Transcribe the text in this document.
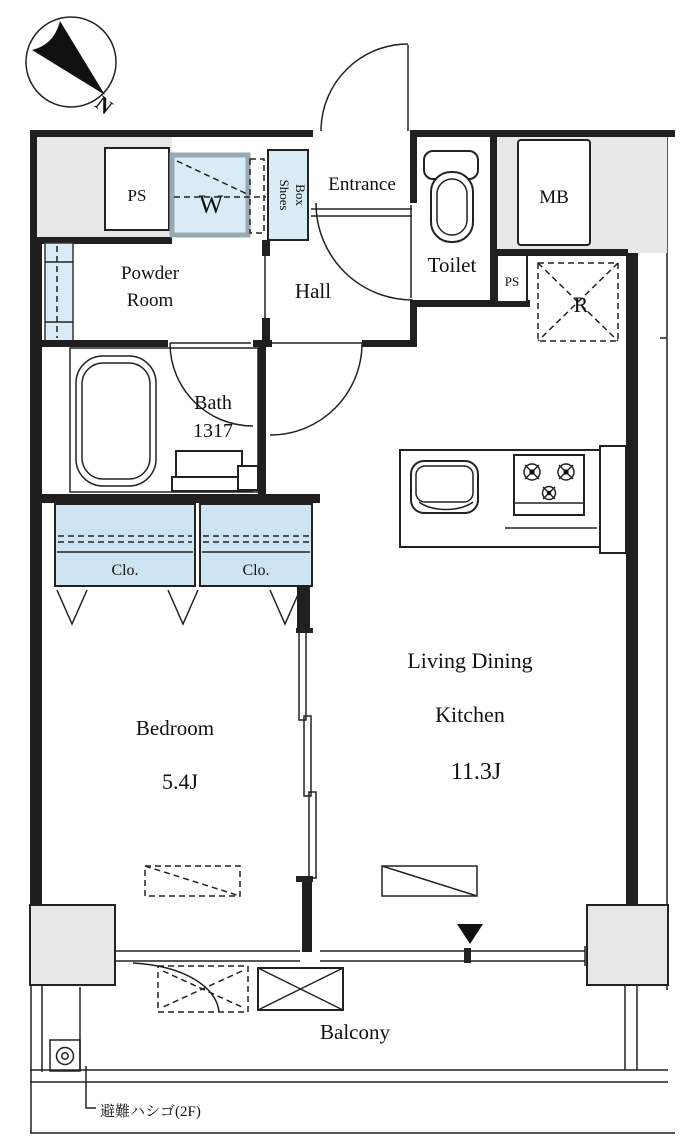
N
PS W	Shoes Box Entrance
Toilet
PS
MB
R
Hall
Powder
Room
Bath
1317
Clo.	Clo.
Bedroom
5.4J
Living Dining
Kitchen
11.3J
Balcony
避難ハシゴ(2F)
